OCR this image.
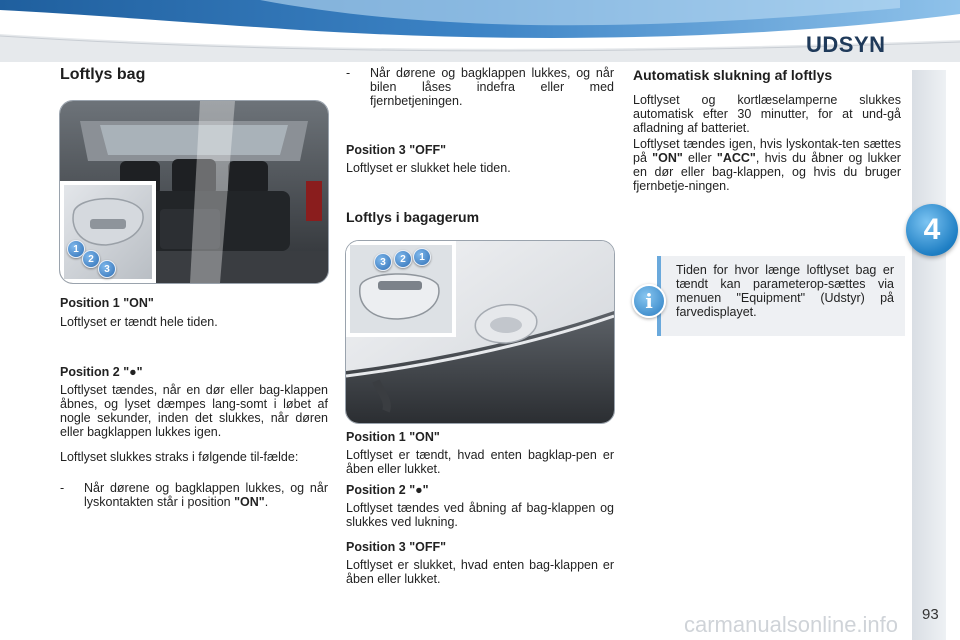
UDSYN
4
93
Loftlys bag
1
2
3
Position 1 "ON"
Loftlyset er tændt hele tiden.
Position 2 "●"
Loftlyset tændes, når en dør eller bag-klappen åbnes, og lyset dæmpes lang-somt i løbet af nogle sekunder, inden det slukkes, når døren eller bagklappen lukkes igen.
Loftlyset slukkes straks i følgende til-fælde:
- Når dørene og bagklappen lukkes, og når lyskontakten står i position "ON".
- Når dørene og bagklappen lukkes, og når bilen låses indefra eller med fjernbetjeningen.
Position 3 "OFF"
Loftlyset er slukket hele tiden.
Loftlys i bagagerum
3	2	1
Position 1 "ON"
Loftlyset er tændt, hvad enten bagklap-pen er åben eller lukket.
Position 2 "●"
Loftlyset tændes ved åbning af bag-klappen og slukkes ved lukning.
Position 3 "OFF"
Loftlyset er slukket, hvad enten bag-klappen er åben eller lukket.
Automatisk slukning af loftlys
Loftlyset og kortlæselamperne slukkes automatisk efter 30 minutter, for at und-gå afladning af batteriet.
Loftlyset tændes igen, hvis lyskontak-ten sættes på "ON" eller "ACC", hvis du åbner og lukker en dør eller bag-klappen, og hvis du bruger fjernbetje-ningen.
i
Tiden for hvor længe loftlyset bag er tændt kan parameterop-sættes via menuen "Equipment" (Udstyr) på farvedisplayet.
carmanualsonline.info
